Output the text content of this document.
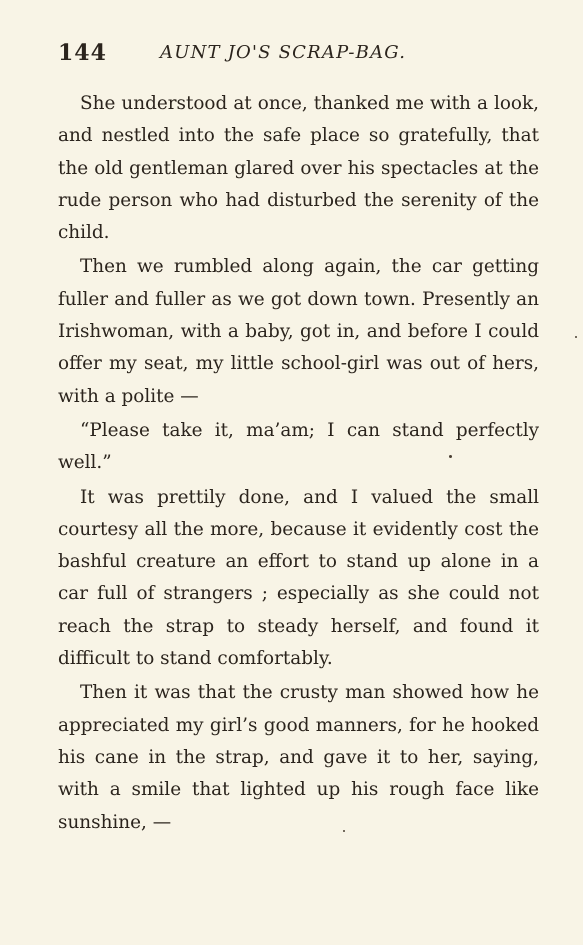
144	AUNT JO'S SCRAP-BAG.

She understood at once, thanked me with a look, and nestled into the safe place so gratefully, that the old gentleman glared over his spectacles at the rude person who had disturbed the serenity of the child.

Then we rumbled along again, the car getting fuller and fuller as we got down town. Presently an Irishwoman, with a baby, got in, and before I could offer my seat, my little school-girl was out of hers, with a polite —

“Please take it, ma’am; I can stand perfectly well.”

It was prettily done, and I valued the small courtesy all the more, because it evidently cost the bashful creature an effort to stand up alone in a car full of strangers ; especially as she could not reach the strap to steady herself, and found it difficult to stand comfortably.

Then it was that the crusty man showed how he appreciated my girl’s good manners, for he hooked his cane in the strap, and gave it to her, saying, with a smile that lighted up his rough face like sunshine, —
